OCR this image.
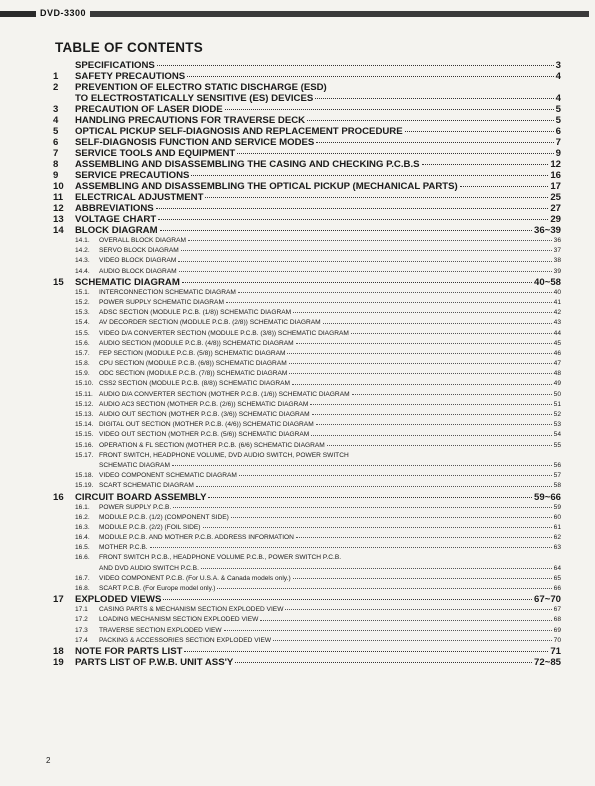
DVD-3300
TABLE OF CONTENTS
SPECIFICATIONS	3
1	SAFETY PRECAUTIONS	4
2	PREVENTION OF ELECTRO STATIC DISCHARGE (ESD)
TO ELECTROSTATICALLY SENSITIVE (ES) DEVICES	4
3	PRECAUTION OF LASER DIODE	5
4	HANDLING PRECAUTIONS FOR TRAVERSE DECK	5
5	OPTICAL PICKUP SELF-DIAGNOSIS AND REPLACEMENT PROCEDURE	6
6	SELF-DIAGNOSIS FUNCTION AND SERVICE MODES	7
7	SERVICE TOOLS AND EQUIPMENT	9
8	ASSEMBLING AND DISASSEMBLING THE CASING AND CHECKING P.C.B.S	12
9	SERVICE PRECAUTIONS	16
10	ASSEMBLING AND DISASSEMBLING THE OPTICAL PICKUP (MECHANICAL PARTS)	17
11	ELECTRICAL ADJUSTMENT	25
12	ABBREVIATIONS	27
13	VOLTAGE CHART	29
14	BLOCK DIAGRAM	36~39
14.1.	OVERALL BLOCK DIAGRAM	36
14.2.	SERVO BLOCK DIAGRAM	37
14.3.	VIDEO BLOCK DIAGRAM	38
14.4.	AUDIO BLOCK DIAGRAM	39
15	SCHEMATIC DIAGRAM	40~58
15.1.	INTERCONNECTION SCHEMATIC DIAGRAM	40
15.2.	POWER SUPPLY SCHEMATIC DIAGRAM	41
15.3.	ADSC SECTION (MODULE P.C.B. (1/8)) SCHEMATIC DIAGRAM	42
15.4.	AV DECORDER SECTION (MODULE P.C.B. (2/8)) SCHEMATIC DIAGRAM	43
15.5.	VIDEO D/A CONVERTER SECTION (MODULE P.C.B. (3/8)) SCHEMATIC DIAGRAM	44
15.6.	AUDIO SECTION (MODULE P.C.B. (4/8)) SCHEMATIC DIAGRAM	45
15.7.	FEP SECTION (MODULE P.C.B. (5/8)) SCHEMATIC DIAGRAM	46
15.8.	CPU SECTION (MODULE P.C.B. (6/8)) SCHEMATIC DIAGRAM	47
15.9.	ODC SECTION (MODULE P.C.B. (7/8)) SCHEMATIC DIAGRAM	48
15.10. CSS2 SECTION (MODULE P.C.B. (8/8)) SCHEMATIC DIAGRAM	49
15.11. AUDIO D/A CONVERTER SECTION (MOTHER P.C.B. (1/6)) SCHEMATIC DIAGRAM	50
15.12. AUDIO AC3 SECTION (MOTHER P.C.B. (2/6)) SCHEMATIC DIAGRAM	51
15.13. AUDIO OUT SECTION (MOTHER P.C.B. (3/6)) SCHEMATIC DIAGRAM	52
15.14. DIGITAL OUT SECTION (MOTHER P.C.B. (4/6)) SCHEMATIC DIAGRAM	53
15.15. VIDEO OUT SECTION (MOTHER P.C.B. (5/6)) SCHEMATIC DIAGRAM	54
15.16. OPERATION & FL SECTION (MOTHER P.C.B. (6/6) SCHEMATIC DIAGRAM	55
15.17. FRONT SWITCH, HEADPHONE VOLUME, DVD AUDIO SWITCH, POWER SWITCH
SCHEMATIC DIAGRAM	56
15.18. VIDEO COMPONENT SCHEMATIC DIAGRAM	57
15.19. SCART SCHEMATIC DIAGRAM	58
16	CIRCUIT BOARD ASSEMBLY	59~66
16.1.	POWER SUPPLY P.C.B.	59
16.2.	MODULE P.C.B. (1/2) (COMPONENT SIDE)	60
16.3.	MODULE P.C.B. (2/2) (FOIL SIDE)	61
16.4.	MODULE P.C.B. AND MOTHER P.C.B. ADDRESS INFORMATION	62
16.5.	MOTHER P.C.B.	63
16.6.	FRONT SWITCH P.C.B., HEADPHONE VOLUME P.C.B., POWER SWITCH P.C.B.
AND DVD AUDIO SWITCH P.C.B.	64
16.7.	VIDEO COMPONENT P.C.B. (For U.S.A. & Canada models only.)	65
16.8.	SCART P.C.B. (For Europe model only.)	66
17	EXPLODED VIEWS	67~70
17.1	CASING PARTS & MECHANISM SECTION EXPLODED VIEW	67
17.2	LOADING MECHANISM SECTION EXPLODED VIEW	68
17.3	TRAVERSE SECTION EXPLODED VIEW	69
17.4	PACKING & ACCESSORIES SECTION EXPLODED VIEW	70
18	NOTE FOR PARTS LIST	71
19	PARTS LIST OF P.W.B. UNIT ASS'Y	72~85
2
